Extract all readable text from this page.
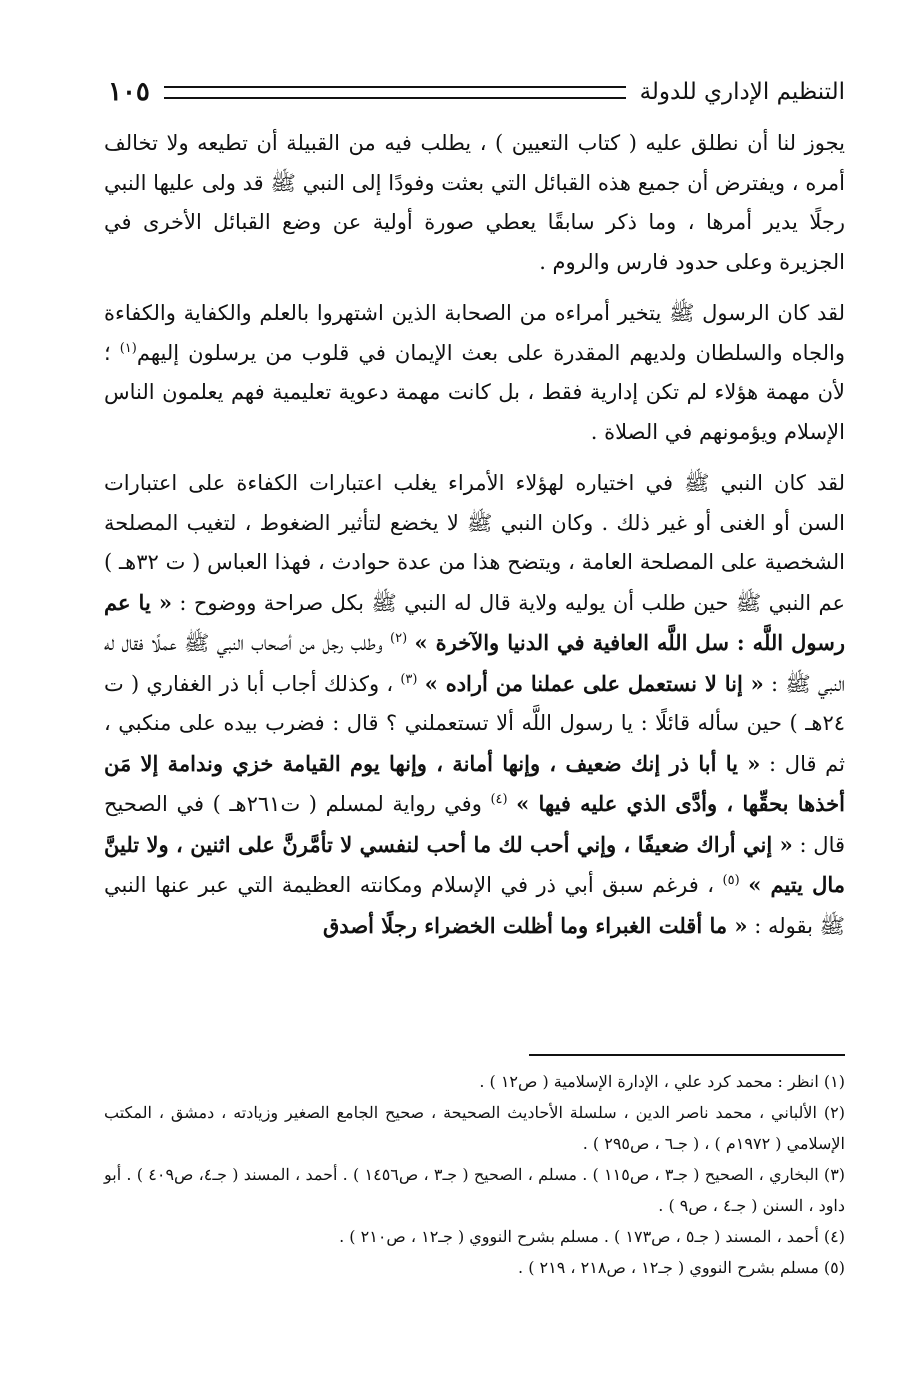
التنظيم الإداري للدولة
١٠٥

يجوز لنا أن نطلق عليه ( كتاب التعيين ) ، يطلب فيه من القبيلة أن تطيعه ولا تخالف أمره ، ويفترض أن جميع هذه القبائل التي بعثت وفودًا إلى النبي ﷺ قد ولى عليها النبي رجلًا يدير أمرها ، وما ذكر سابقًا يعطي صورة أولية عن وضع القبائل الأخرى في الجزيرة وعلى حدود فارس والروم .

لقد كان الرسول ﷺ يتخير أمراءه من الصحابة الذين اشتهروا بالعلم والكفاية والكفاءة والجاه والسلطان ولديهم المقدرة على بعث الإيمان في قلوب من يرسلون إليهم$^{(١)}$ ؛ لأن مهمة هؤلاء لم تكن إدارية فقط ، بل كانت مهمة دعوية تعليمية فهم يعلمون الناس الإسلام ويؤمونهم في الصلاة .

لقد كان النبي ﷺ في اختياره لهؤلاء الأمراء يغلب اعتبارات الكفاءة على اعتبارات السن أو الغنى أو غير ذلك . وكان النبي ﷺ لا يخضع لتأثير الضغوط ، لتغيب المصلحة الشخصية على المصلحة العامة ، ويتضح هذا من عدة حوادث ، فهذا العباس ( ت ٣٢هـ ) عم النبي ﷺ حين طلب أن يوليه ولاية قال له النبي ﷺ بكل صراحة ووضوح : « يا عم رسول اللَّه : سل اللَّه العافية في الدنيا والآخرة » $^{(٢)}$ وطلب رجل من أصحاب النبي ﷺ عملًا فقال له النبي ﷺ : « إنا لا نستعمل على عملنا من أراده » $^{(٣)}$ ، وكذلك أجاب أبا ذر الغفاري ( ت ٢٤هـ ) حين سأله قائلًا : يا رسول اللَّه ألا تستعملني ؟ قال : فضرب بيده على منكبي ، ثم قال : « يا أبا ذر إنك ضعيف ، وإنها أمانة ، وإنها يوم القيامة خزي وندامة إلا مَن أخذها بحقِّها ، وأدَّى الذي عليه فيها » $^{(٤)}$ وفي رواية لمسلم ( ت٢٦١هـ ) في الصحيح قال : « إني أراك ضعيفًا ، وإني أحب لك ما أحب لنفسي لا تأمَّرنَّ على اثنين ، ولا تلينَّ مال يتيم » $^{(٥)}$ ، فرغم سبق أبي ذر في الإسلام ومكانته العظيمة التي عبر عنها النبي ﷺ بقوله : « ما أقلت الغبراء وما أظلت الخضراء رجلًا أصدق

(١) انظر : محمد كرد علي ، الإدارة الإسلامية ( ص١٢ ) .

(٢) الألباني ، محمد ناصر الدين ، سلسلة الأحاديث الصحيحة ، صحيح الجامع الصغير وزيادته ، دمشق ، المكتب الإسلامي ( ١٩٧٢م ) ، ( جـ٦ ، ص٢٩٥ ) .

(٣) البخاري ، الصحيح ( جـ٣ ، ص١١٥ ) . مسلم ، الصحيح ( جـ٣ ، ص١٤٥٦ ) . أحمد ، المسند ( جـ٤، ص٤٠٩ ) . أبو داود ، السنن ( جـ٤ ، ص٩ ) .

(٤) أحمد ، المسند ( جـ٥ ، ص١٧٣ ) . مسلم بشرح النووي ( جـ١٢ ، ص٢١٠ ) .

(٥) مسلم بشرح النووي ( جـ١٢ ، ص٢١٨ ، ٢١٩ ) .
